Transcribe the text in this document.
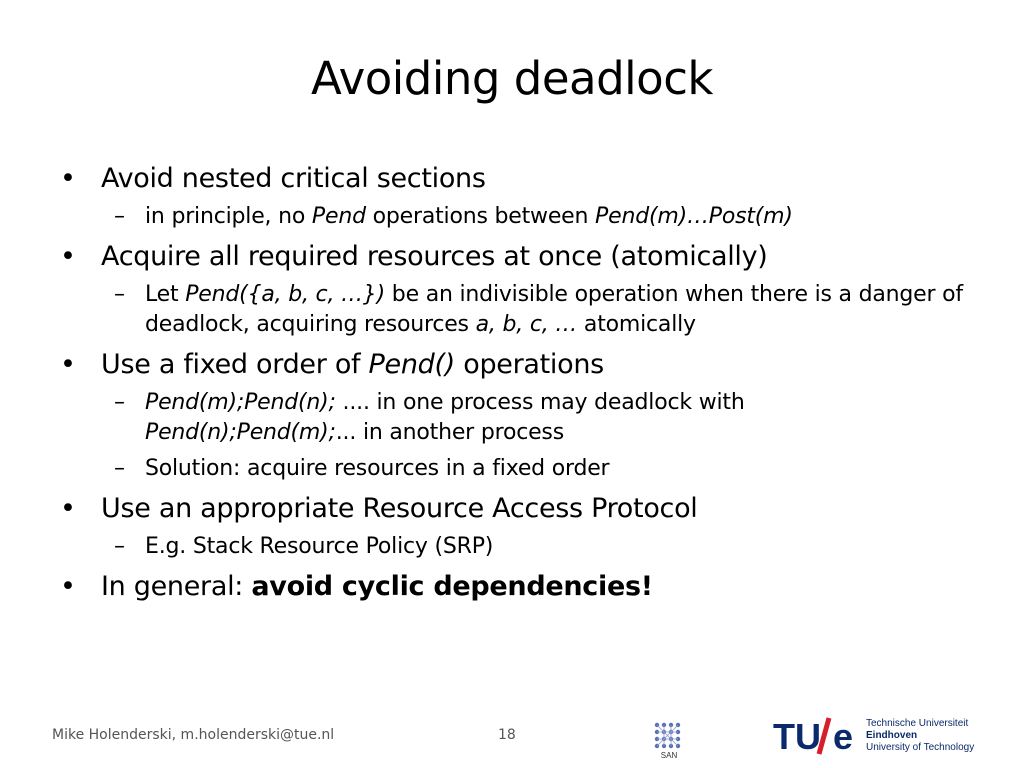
Avoiding deadlock
• Avoid nested critical sections
– in principle, no Pend operations between Pend(m)…Post(m)
• Acquire all required resources at once (atomically)
– Let Pend({a, b, c, …}) be an indivisible operation when there is a danger of deadlock, acquiring resources a, b, c, … atomically
• Use a fixed order of Pend() operations
– Pend(m);Pend(n); .... in one process may deadlock with
Pend(n);Pend(m);... in another process
– Solution: acquire resources in a fixed order
• Use an appropriate Resource Access Protocol
– E.g. Stack Resource Policy (SRP)
• In general: avoid cyclic dependencies!
Mike Holenderski, m.holenderski@tue.nl	18
SAN	TU e Technische Universiteit
Eindhoven
University of Technology
